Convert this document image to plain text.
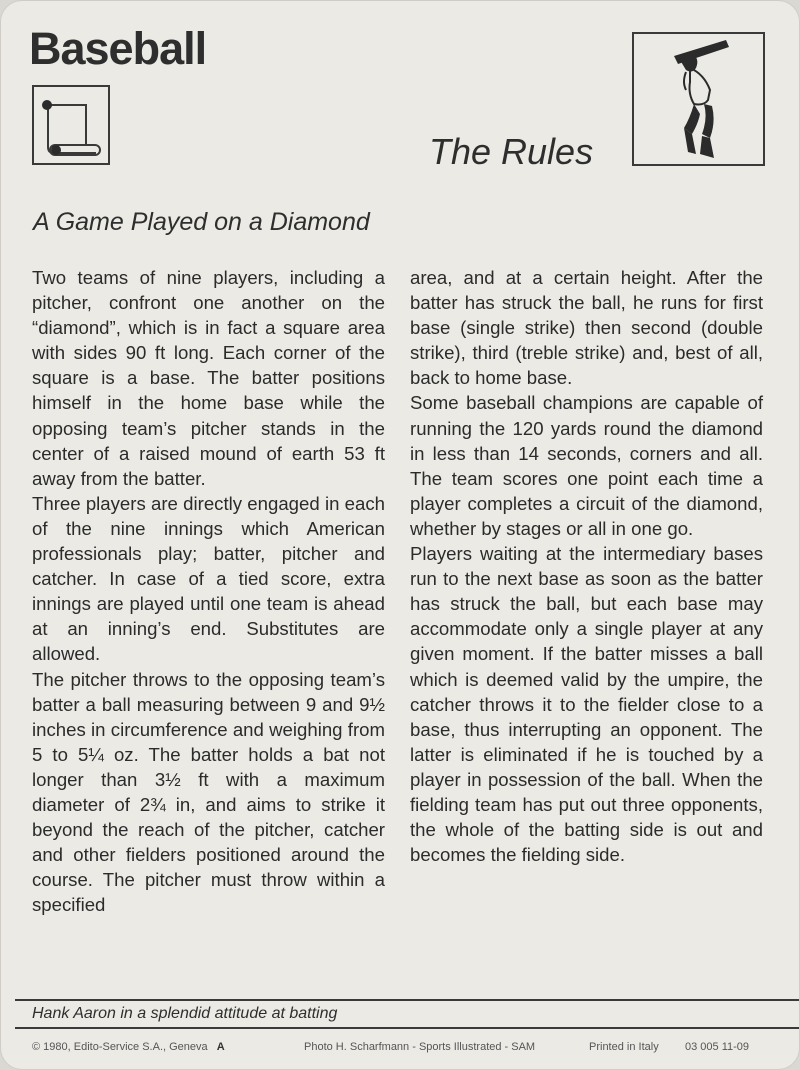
Baseball
The Rules
A Game Played on a Diamond

Two teams of nine players, including a pitcher, confront one another on the “diamond”, which is in fact a square area with sides 90 ft long. Each corner of the square is a base. The batter positions himself in the home base while the opposing team’s pitcher stands in the center of a raised mound of earth 53 ft away from the batter.

Three players are directly engaged in each of the nine innings which American professionals play; batter, pitcher and catcher. In case of a tied score, extra innings are played until one team is ahead at an inning’s end. Substitutes are allowed.

The pitcher throws to the opposing team’s batter a ball measuring between 9 and 9½ inches in circumference and weighing from 5 to 5¼ oz. The batter holds a bat not longer than 3½ ft with a maximum diameter of 2¾ in, and aims to strike it beyond the reach of the pitcher, catcher and other fielders positioned around the course. The pitcher must throw within a specified

area, and at a certain height. After the batter has struck the ball, he runs for first base (single strike) then second (double strike), third (treble strike) and, best of all, back to home base.

Some baseball champions are capable of running the 120 yards round the diamond in less than 14 seconds, corners and all. The team scores one point each time a player completes a circuit of the diamond, whether by stages or all in one go.

Players waiting at the intermediary bases run to the next base as soon as the batter has struck the ball, but each base may accommodate only a single player at any given moment. If the batter misses a ball which is deemed valid by the umpire, the catcher throws it to the fielder close to a base, thus interrupting an opponent. The latter is eliminated if he is touched by a player in possession of the ball. When the fielding team has put out three opponents, the whole of the batting side is out and becomes the fielding side.

Hank Aaron in a splendid attitude at batting
© 1980, Edito-Service S.A., Geneva A	Photo H. Scharfmann - Sports Illustrated - SAM	Printed in Italy 03 005 11-09
